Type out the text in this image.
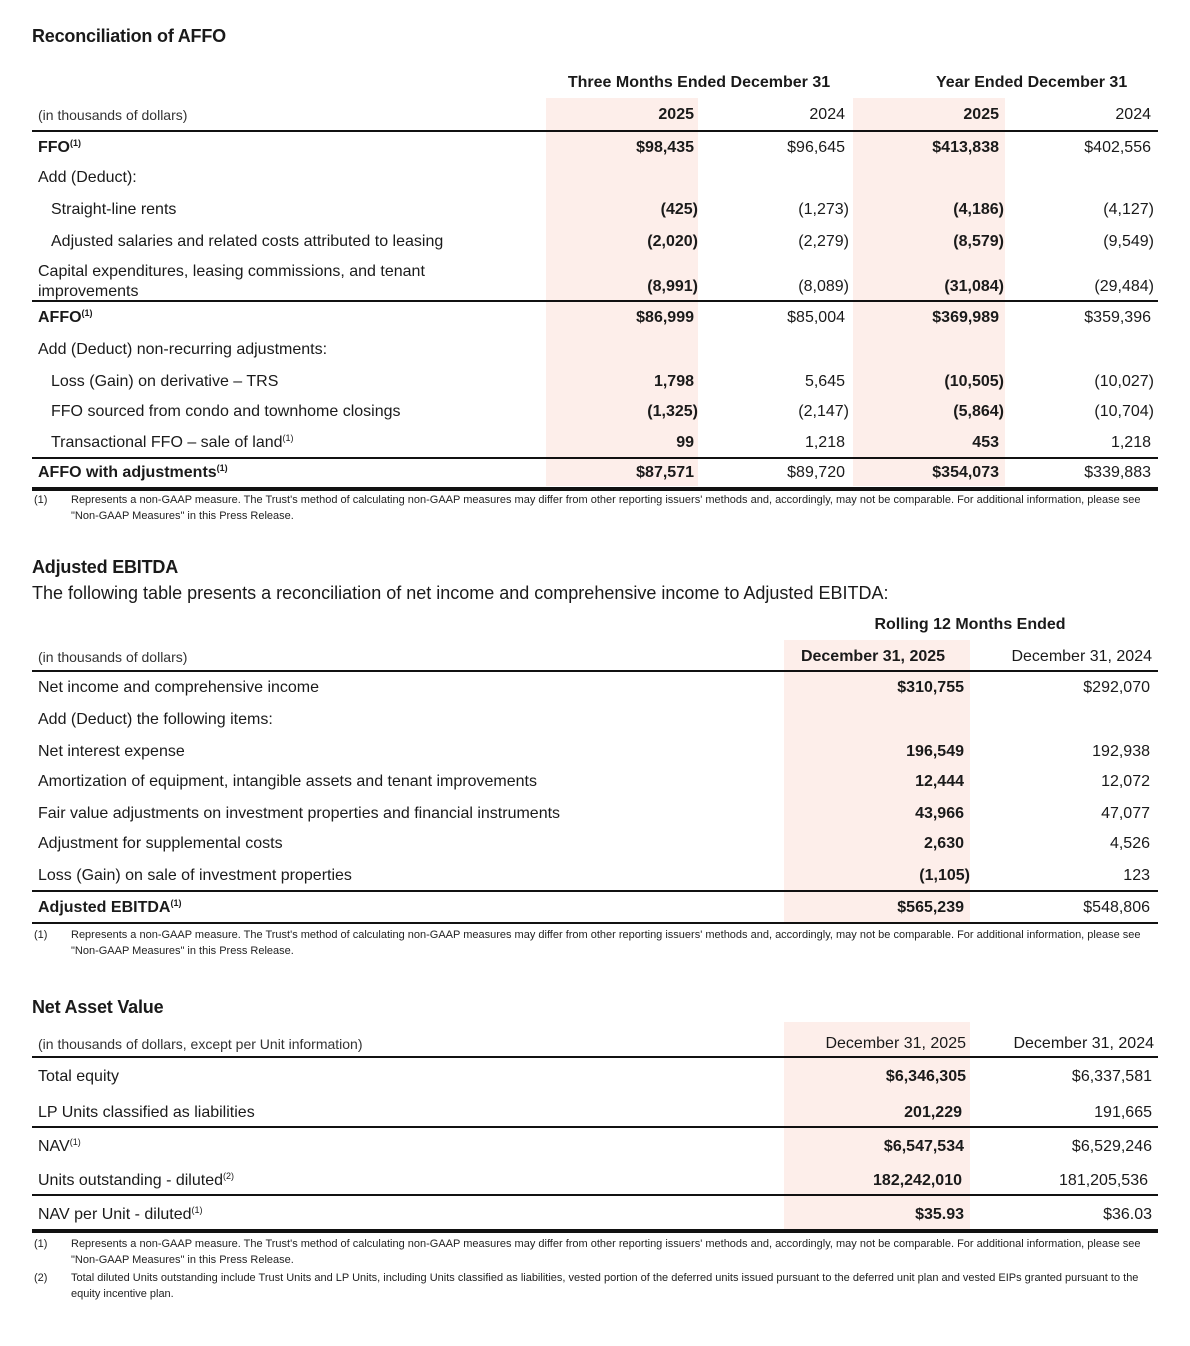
Reconciliation of AFFO
Three Months Ended December 31	Year Ended December 31
(in thousands of dollars)	2025	2024	2025	2024
FFO$^{(1)}$	$98,435	$96,645	$413,838	$402,556
Add (Deduct):
Straight-line rents	(425)	(1,273)	(4,186)	(4,127)
Adjusted salaries and related costs attributed to leasing	(2,020)	(2,279)	(8,579)	(9,549)
Capital expenditures, leasing commissions, and tenant improvements	(8,991)	(8,089)	(31,084)	(29,484)
AFFO$^{(1)}$	$86,999	$85,004	$369,989	$359,396
Add (Deduct) non-recurring adjustments:
Loss (Gain) on derivative – TRS	1,798	5,645	(10,505)	(10,027)
FFO sourced from condo and townhome closings	(1,325)	(2,147)	(5,864)	(10,704)
Transactional FFO – sale of land$^{(1)}$	99	1,218	453	1,218
AFFO with adjustments$^{(1)}$	$87,571	$89,720	$354,073	$339,883
(1) Represents a non-GAAP measure. The Trust's method of calculating non-GAAP measures may differ from other reporting issuers' methods and, accordingly, may not be comparable. For additional information, please see "Non-GAAP Measures" in this Press Release.
Adjusted EBITDA
The following table presents a reconciliation of net income and comprehensive income to Adjusted EBITDA:
Rolling 12 Months Ended
(in thousands of dollars)	December 31, 2025	December 31, 2024
Net income and comprehensive income	$310,755	$292,070
Add (Deduct) the following items:
Net interest expense	196,549	192,938
Amortization of equipment, intangible assets and tenant improvements	12,444	12,072
Fair value adjustments on investment properties and financial instruments	43,966	47,077
Adjustment for supplemental costs	2,630	4,526
Loss (Gain) on sale of investment properties	(1,105)	123
Adjusted EBITDA$^{(1)}$	$565,239	$548,806
(1) Represents a non-GAAP measure. The Trust's method of calculating non-GAAP measures may differ from other reporting issuers' methods and, accordingly, may not be comparable. For additional information, please see "Non-GAAP Measures" in this Press Release.
Net Asset Value
(in thousands of dollars, except per Unit information)	December 31, 2025	December 31, 2024
Total equity	$6,346,305	$6,337,581
LP Units classified as liabilities	201,229	191,665
NAV$^{(1)}$	$6,547,534	$6,529,246
Units outstanding - diluted$^{(2)}$	182,242,010	181,205,536
NAV per Unit - diluted$^{(1)}$	$35.93	$36.03
(1) Represents a non-GAAP measure. The Trust's method of calculating non-GAAP measures may differ from other reporting issuers' methods and, accordingly, may not be comparable. For additional information, please see "Non-GAAP Measures" in this Press Release.
(2) Total diluted Units outstanding include Trust Units and LP Units, including Units classified as liabilities, vested portion of the deferred units issued pursuant to the deferred unit plan and vested EIPs granted pursuant to the equity incentive plan.
